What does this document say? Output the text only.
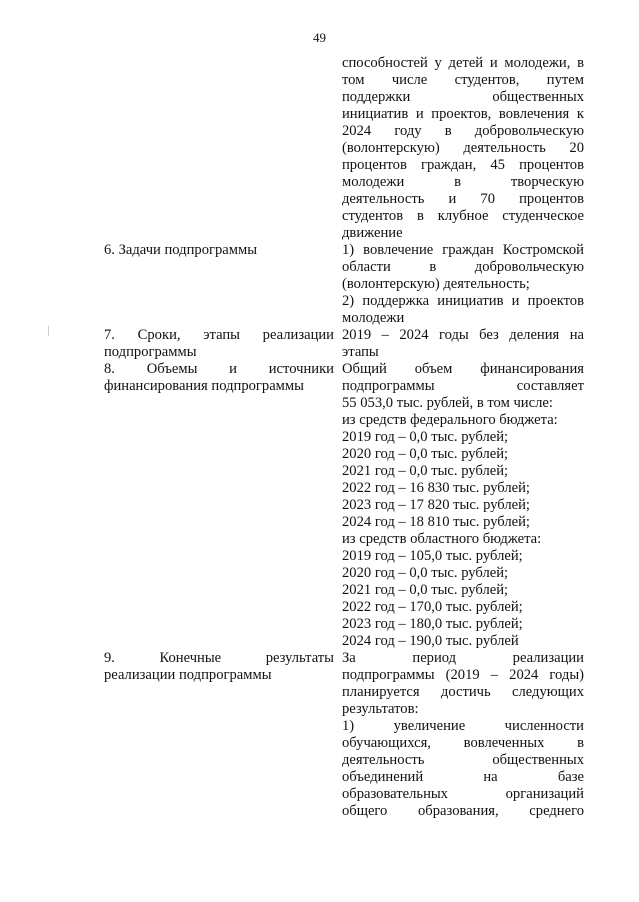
49
способностей у детей и молодежи, в
том числе студентов, путем
поддержки общественных
инициатив и проектов, вовлечения к
2024 году в добровольческую
(волонтерскую) деятельность 20
процентов граждан, 45 процентов
молодежи в творческую
деятельность и 70 процентов
студентов в клубное студенческое
движение
6. Задачи подпрограммы	1) вовлечение граждан Костромской
области в добровольческую
(волонтерскую) деятельность;
2) поддержка инициатив и проектов
молодежи
7. Сроки, этапы реализации
подпрограммы
2019 – 2024 годы без деления на
этапы
8. Объемы и источники
финансирования подпрограммы
Общий объем финансирования
подпрограммы составляет
55 053,0 тыс. рублей, в том числе:
из средств федерального бюджета:
2019 год – 0,0 тыс. рублей;
2020 год – 0,0 тыс. рублей;
2021 год – 0,0 тыс. рублей;
2022 год – 16 830 тыс. рублей;
2023 год – 17 820 тыс. рублей;
2024 год – 18 810 тыс. рублей;
из средств областного бюджета:
2019 год – 105,0 тыс. рублей;
2020 год – 0,0 тыс. рублей;
2021 год – 0,0 тыс. рублей;
2022 год – 170,0 тыс. рублей;
2023 год – 180,0 тыс. рублей;
2024 год – 190,0 тыс. рублей
9. Конечные результаты
реализации подпрограммы
За период реализации
подпрограммы (2019 – 2024 годы)
планируется достичь следующих
результатов:
1) увеличение численности
обучающихся, вовлеченных в
деятельность общественных
объединений на базе
образовательных организаций
общего образования, среднего
